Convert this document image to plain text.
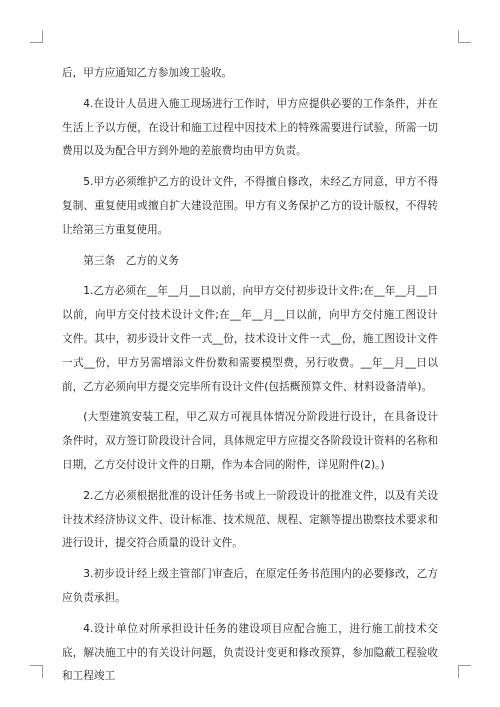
后，甲方应通知乙方参加竣工验收。

4.在设计人员进入施工现场进行工作时，甲方应提供必要的工作条件，并在生活上予以方便，在设计和施工过程中因技术上的特殊需要进行试验，所需一切费用以及为配合甲方到外地的差旅费均由甲方负责。

5.甲方必须维护乙方的设计文件，不得擅自修改，未经乙方同意，甲方不得复制、重复使用或擅自扩大建设范围。甲方有义务保护乙方的设计版权，不得转让给第三方重复使用。

第三条　乙方的义务

1.乙方必须在__年__月__日以前，向甲方交付初步设计文件;在__年__月__日以前，向甲方交付技术设计文件;在__年__月__日以前，向甲方交付施工图设计文件。其中，初步设计文件一式__份，技术设计文件一式__份，施工图设计文件一式__份，甲方另需增添文件份数和需要模型费，另行收费。__年__月__日以前，乙方必须向甲方提交完毕所有设计文件(包括概预算文件、材料设备清单)。

(大型建筑安装工程，甲乙双方可视具体情况分阶段进行设计，在具备设计条件时，双方签订阶段设计合同，具体规定甲方应提交各阶段设计资料的名称和日期，乙方交付设计文件的日期，作为本合同的附件，详见附件(2)。)

2.乙方必须根据批准的设计任务书或上一阶段设计的批准文件，以及有关设计技术经济协议文件、设计标准、技术规范、规程、定额等提出勘察技术要求和进行设计，提交符合质量的设计文件。

3.初步设计经上级主管部门审查后，在原定任务书范围内的必要修改，乙方应负责承担。

4.设计单位对所承担设计任务的建设项目应配合施工，进行施工前技术交底，解决施工中的有关设计问题，负责设计变更和修改预算，参加隐蔽工程验收和工程竣工
